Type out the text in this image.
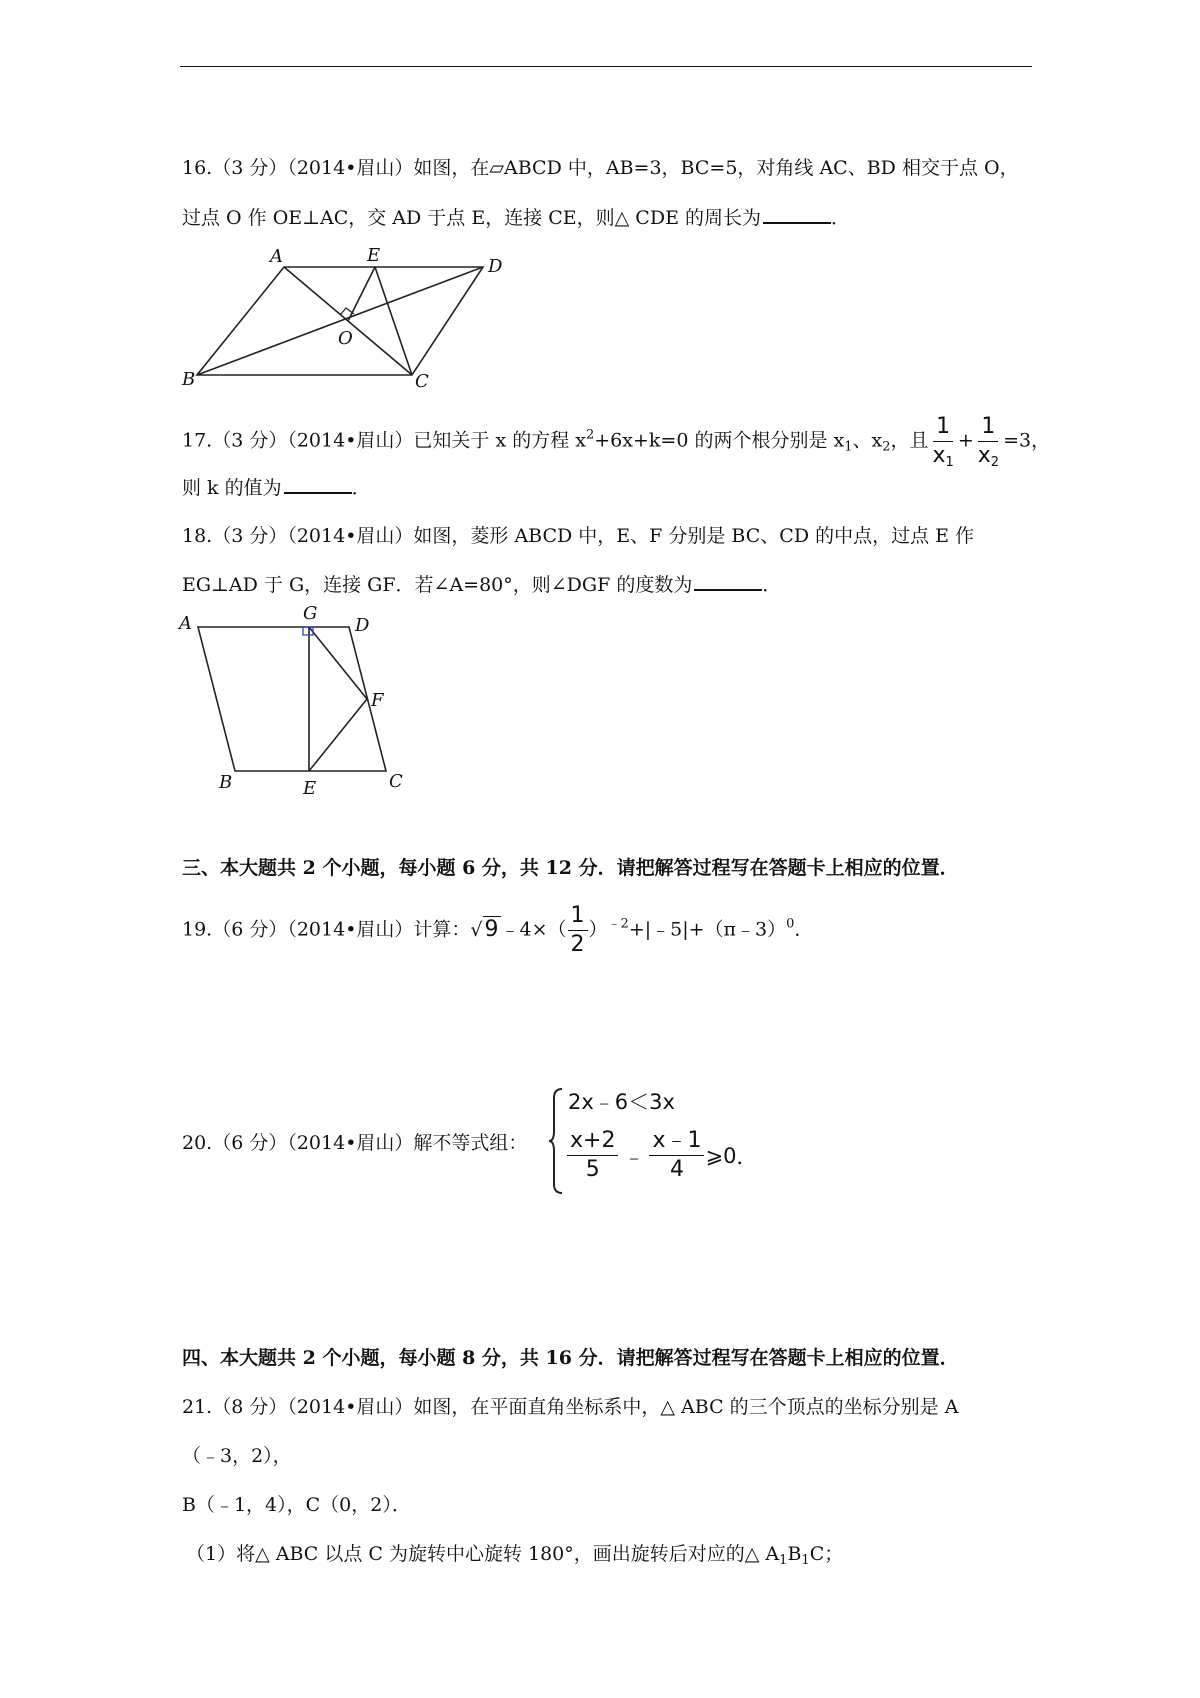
16.（3 分）（2014•眉山）如图，在▱ABCD 中，AB=3，BC=5，对角线 AC、BD 相交于点 O，
过点 O 作 OE⊥AC，交 AD 于点 E，连接 CE，则△ CDE 的周长为	．
A	E
D
O
B	C
17.（3 分）（2014•眉山）已知关于 x 的方程 $x^2+6x+k=0$ 的两个根分别是 $x_1$、$x_2$，且 $\frac{1}{x_1} + \frac{1}{x_2} =3$，
则 k 的值为	．
18.（3 分）（2014•眉山）如图，菱形 ABCD 中，E、F 分别是 BC、CD 的中点，过点 E 作
EG⊥AD 于 G，连接 GF．若∠A=80°，则∠DGF 的度数为	．
A	G
D
F
B	E	C
三、本大题共 2 个小题，每小题 6 分，共 12 分．请把解答过程写在答题卡上相应的位置．
19.（6 分）（2014•眉山）计算：√9 ﹣4×（ $\frac{1}{2}$ ）$^{﹣2}$+|﹣5|+（π﹣3）$^0$．
20.（6 分）（2014•眉山）解不等式组：
2x﹣6＜3x
$\frac{x+2}{5}$ ﹣ $\frac{x﹣1}{4}$ ⩾0 ．
四、本大题共 2 个小题，每小题 8 分，共 16 分．请把解答过程写在答题卡上相应的位置．
21.（8 分）（2014•眉山）如图，在平面直角坐标系中，△ ABC 的三个顶点的坐标分别是 A
（﹣3，2），
B（﹣1，4），C（0，2）．
（1）将△ ABC 以点 C 为旋转中心旋转 180°，画出旋转后对应的△ $A_1B_1C$；
